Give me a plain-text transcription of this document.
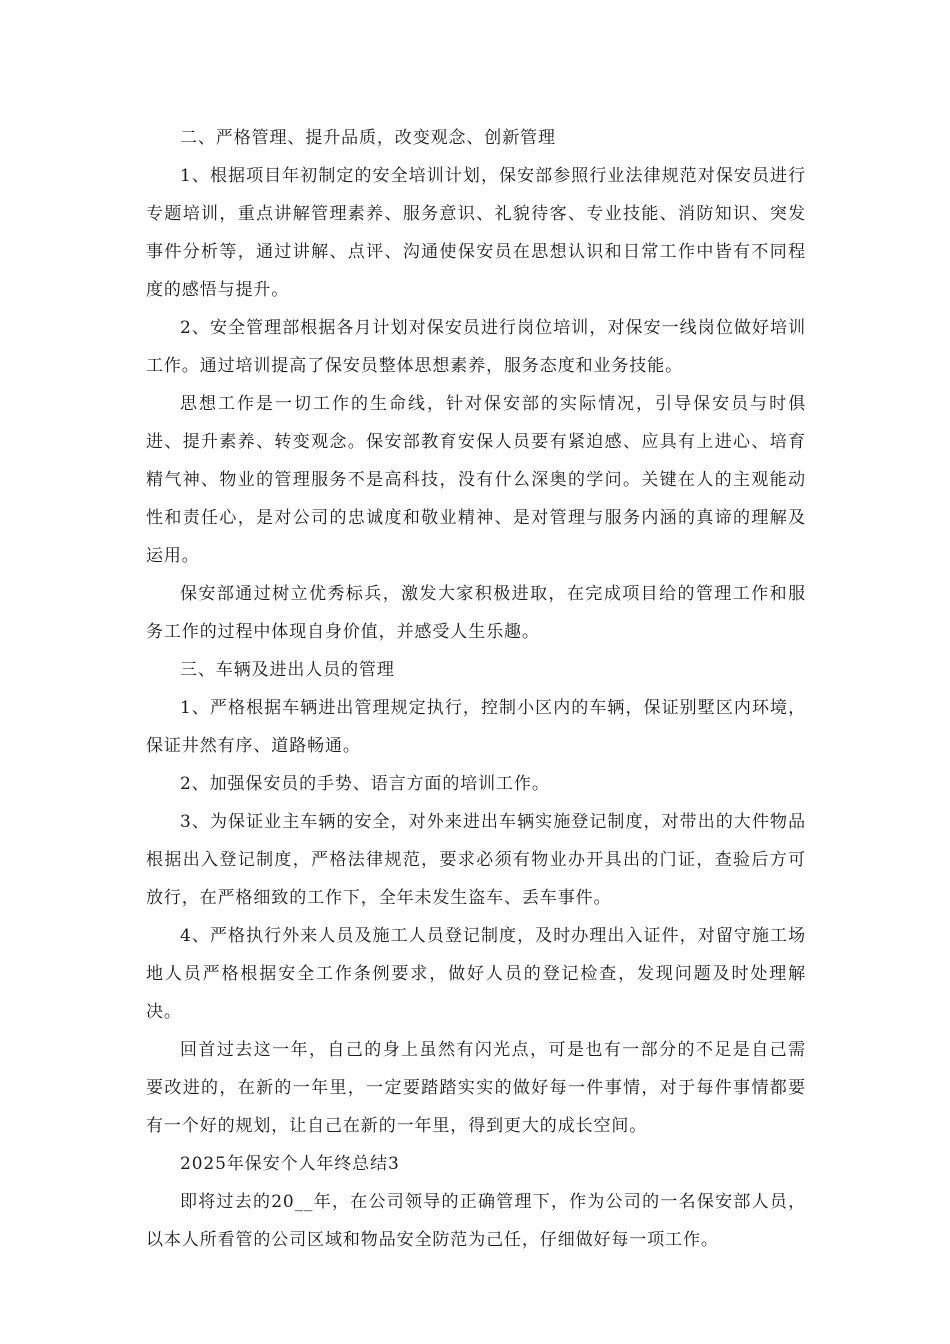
二、严格管理、提升品质，改变观念、创新管理

1、根据项目年初制定的安全培训计划，保安部参照行业法律规范对保安员进行专题培训，重点讲解管理素养、服务意识、礼貌待客、专业技能、消防知识、突发事件分析等，通过讲解、点评、沟通使保安员在思想认识和日常工作中皆有不同程度的感悟与提升。

2、安全管理部根据各月计划对保安员进行岗位培训，对保安一线岗位做好培训工作。通过培训提高了保安员整体思想素养，服务态度和业务技能。

思想工作是一切工作的生命线，针对保安部的实际情况，引导保安员与时俱进、提升素养、转变观念。保安部教育安保人员要有紧迫感、应具有上进心、培育精气神、物业的管理服务不是高科技，没有什么深奥的学问。关键在人的主观能动性和责任心，是对公司的忠诚度和敬业精神、是对管理与服务内涵的真谛的理解及运用。

保安部通过树立优秀标兵，激发大家积极进取，在完成项目给的管理工作和服务工作的过程中体现自身价值，并感受人生乐趣。

三、车辆及进出人员的管理

1、严格根据车辆进出管理规定执行，控制小区内的车辆，保证别墅区内环境，保证井然有序、道路畅通。

2、加强保安员的手势、语言方面的培训工作。

3、为保证业主车辆的安全，对外来进出车辆实施登记制度，对带出的大件物品根据出入登记制度，严格法律规范，要求必须有物业办开具出的门证，查验后方可放行，在严格细致的工作下，全年未发生盗车、丢车事件。

4、严格执行外来人员及施工人员登记制度，及时办理出入证件，对留守施工场地人员严格根据安全工作条例要求，做好人员的登记检查，发现问题及时处理解决。

回首过去这一年，自己的身上虽然有闪光点，可是也有一部分的不足是自己需要改进的，在新的一年里，一定要踏踏实实的做好每一件事情，对于每件事情都要有一个好的规划，让自己在新的一年里，得到更大的成长空间。

2025年保安个人年终总结3

即将过去的20__年，在公司领导的正确管理下，作为公司的一名保安部人员，以本人所看管的公司区域和物品安全防范为己任，仔细做好每一项工作。
